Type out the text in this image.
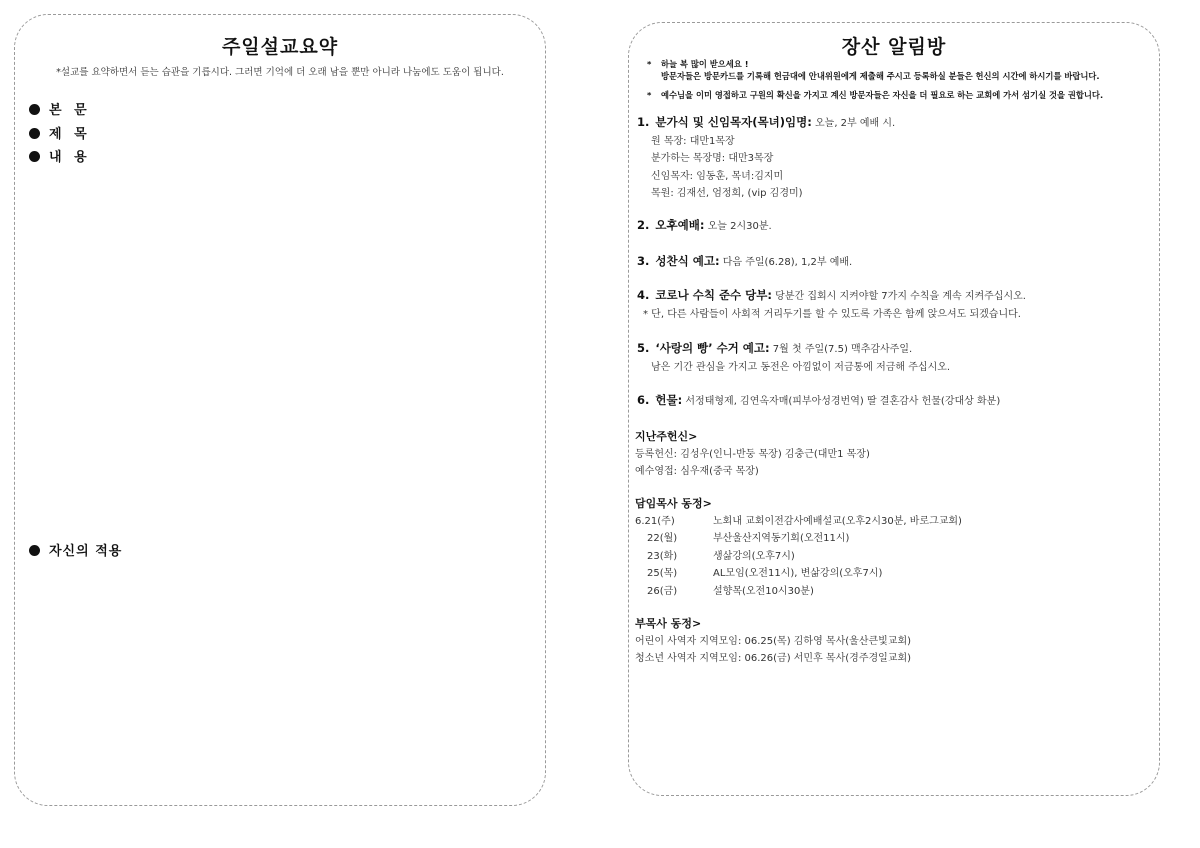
주일설교요약
*설교를 요약하면서 듣는 습관을 기릅시다. 그러면 기억에 더 오래 남을 뿐만 아니라 나눔에도 도움이 됩니다.
본 문
제 목
내 용
자신의 적용
장산 알림방
* 하늘 복 많이 받으세요 !
방문자들은 방문카드를 기록해 헌금대에 안내위원에게 제출해 주시고 등록하실 분들은 헌신의 시간에 하시기를 바랍니다.
* 예수님을 이미 영접하고 구원의 확신을 가지고 계신 방문자들은 자신을 더 필요로 하는 교회에 가서 섬기실 것을 권합니다.
1. 분가식 및 신임목자(목녀)임명: 오늘, 2부 예배 시.
원 목장: 대만1목장
분가하는 목장명: 대만3목장
신임목자: 임동훈, 목녀:김지미
목원: 김재선, 엄정희, (vip 김경미)
2. 오후예배: 오늘 2시30분.
3. 성찬식 예고: 다음 주일(6.28), 1,2부 예배.
4. 코로나 수칙 준수 당부: 당분간 집회시 지켜야할 7가지 수칙을 계속 지켜주십시오.
* 단, 다른 사람들이 사회적 거리두기를 할 수 있도록 가족은 함께 앉으셔도 되겠습니다.
5. ‘사랑의 빵’ 수거 예고: 7월 첫 주일(7.5) 맥추감사주일.
남은 기간 관심을 가지고 동전은 아낌없이 저금통에 저금해 주십시오.
6. 헌물: 서정태형제, 김연옥자매(피부아성경번역) 딸 결혼감사 헌물(강대상 화분)
지난주헌신>
등록헌신: 김성우(인니-반둥 목장) 김충근(대만1 목장)
예수영접: 심우재(중국 목장)
담임목사 동정>
6.21(주)	노회내 교회이전감사예배설교(오후2시30분, 바로그교회)
22(월)	부산울산지역동기회(오전11시)
23(화)	생삶강의(오후7시)
25(목)	AL모임(오전11시), 변삶강의(오후7시)
26(금)	설향목(오전10시30분)
부목사 동정>
어린이 사역자 지역모임: 06.25(목) 김하영 목사(울산큰빛교회)
청소년 사역자 지역모임: 06.26(금) 서민후 목사(경주경일교회)
